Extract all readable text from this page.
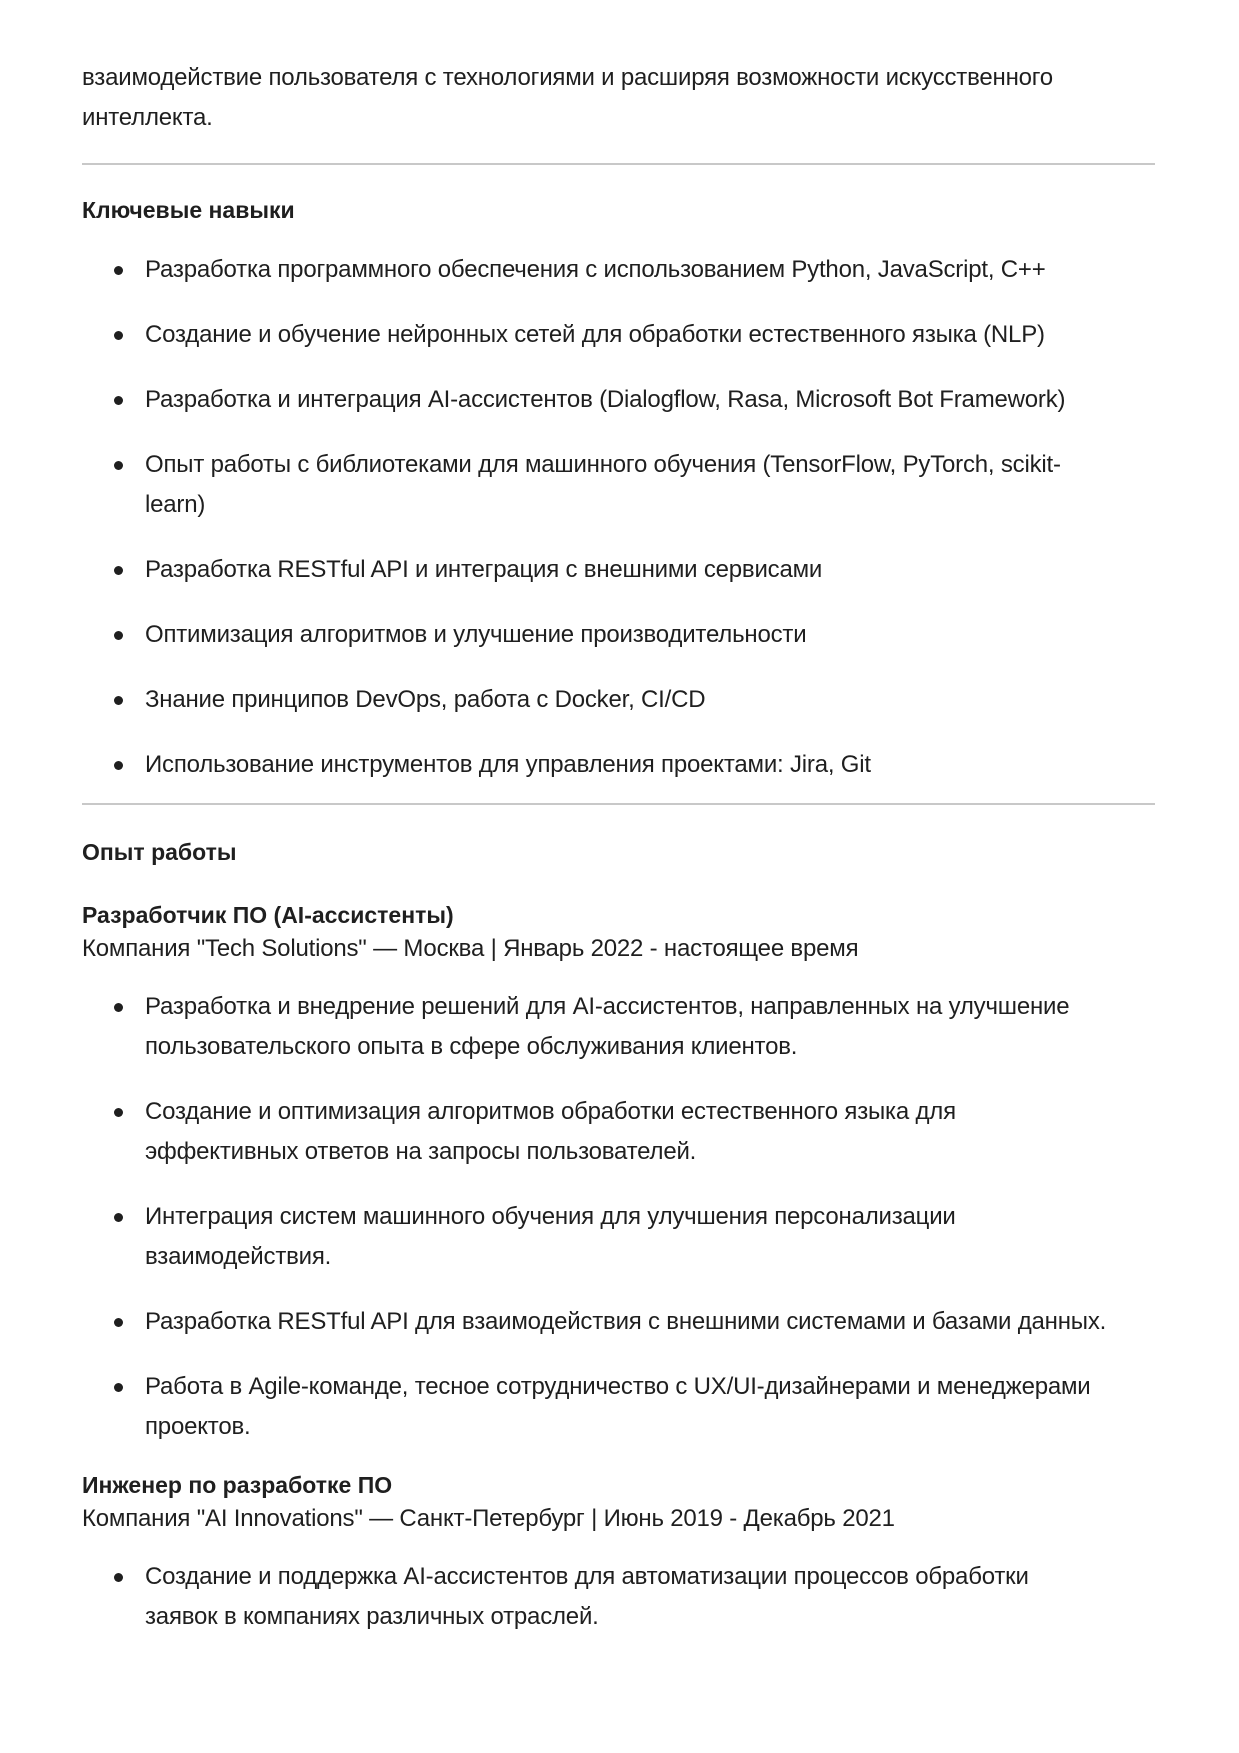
взаимодействие пользователя с технологиями и расширяя возможности искусственного интеллекта.

Ключевые навыки
Разработка программного обеспечения с использованием Python, JavaScript, C++
Создание и обучение нейронных сетей для обработки естественного языка (NLP)
Разработка и интеграция AI-ассистентов (Dialogflow, Rasa, Microsoft Bot Framework)
Опыт работы с библиотеками для машинного обучения (TensorFlow, PyTorch, scikit-learn)
Разработка RESTful API и интеграция с внешними сервисами
Оптимизация алгоритмов и улучшение производительности
Знание принципов DevOps, работа с Docker, CI/CD
Использование инструментов для управления проектами: Jira, Git
Опыт работы
Разработчик ПО (AI-ассистенты)

Компания "Tech Solutions" — Москва | Январь 2022 - настоящее время

Разработка и внедрение решений для AI-ассистентов, направленных на улучшение пользовательского опыта в сфере обслуживания клиентов.
Создание и оптимизация алгоритмов обработки естественного языка для эффективных ответов на запросы пользователей.
Интеграция систем машинного обучения для улучшения персонализации взаимодействия.
Разработка RESTful API для взаимодействия с внешними системами и базами данных.
Работа в Agile-команде, тесное сотрудничество с UX/UI-дизайнерами и менеджерами проектов.
Инженер по разработке ПО

Компания "AI Innovations" — Санкт-Петербург | Июнь 2019 - Декабрь 2021

Создание и поддержка AI-ассистентов для автоматизации процессов обработки заявок в компаниях различных отраслей.
